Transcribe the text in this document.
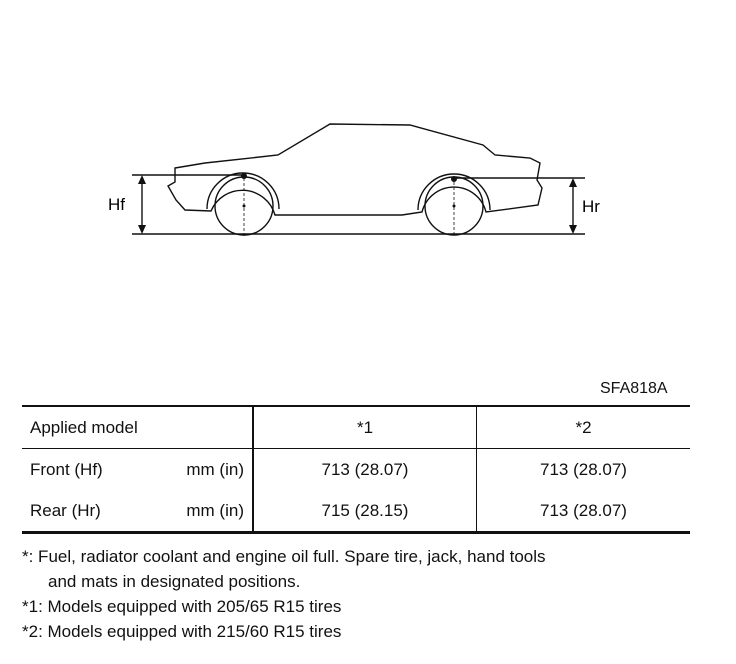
Hf	Hr
SFA818A
Applied model	*1	*2

Front (Hf) mm (in)	713 (28.07)	713 (28.07)

Rear (Hr) mm (in)	715 (28.15)	713 (28.07)
*: Fuel, radiator coolant and engine oil full. Spare tire, jack, hand tools
and mats in designated positions.
*1: Models equipped with 205/65 R15 tires
*2: Models equipped with 215/60 R15 tires
